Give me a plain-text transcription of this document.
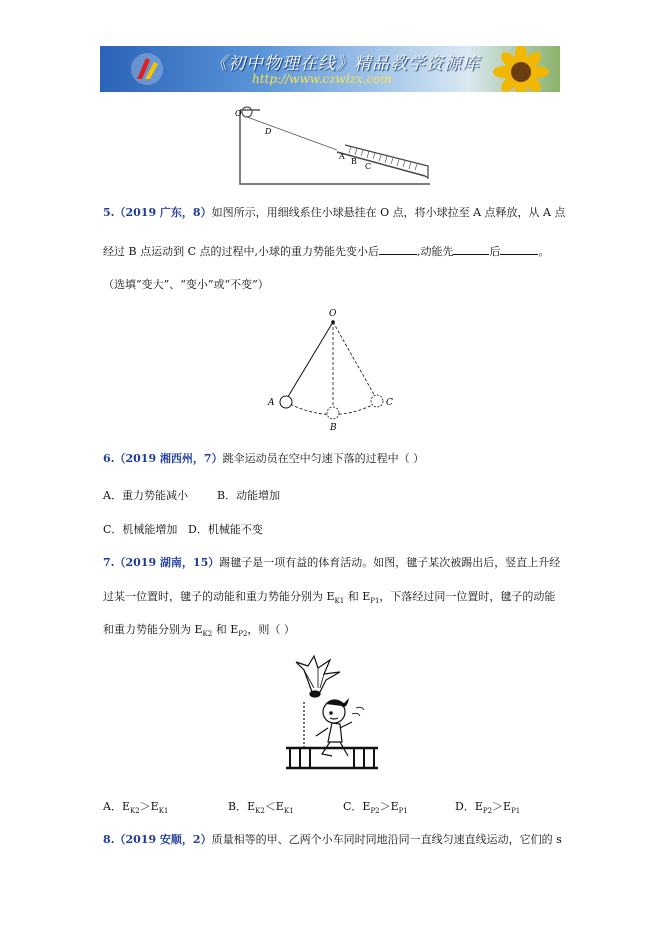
《初中物理在线》精品教学资源库
http://www.czwlzx.com
O
D
A
B
C
5.（2019 广东，8）如图所示，用细线系住小球悬挂在 O 点，将小球拉至 A 点释放，从 A 点
经过 B 点运动到 C 点的过程中,小球的重力势能先变小后	,动能先	后	。
（选填“变大”、“变小”或“不变”）
O
A
B
C
6.（2019 湘西州，7）跳伞运动员在空中匀速下落的过程中（ ）
A．重力势能减小	B．动能增加
C．机械能增加 D．机械能不变
7.（2019 湖南，15）踢毽子是一项有益的体育活动。如图，毽子某次被踢出后，竖直上升经
过某一位置时，毽子的动能和重力势能分别为 $E_{K1}$ 和 $E_{P1}$，下落经过同一位置时，毽子的动能
和重力势能分别为 $E_{K2}$ 和 $E_{P2}$，则（ ）
A．$E_{K2}>E_{K1}$	B．$E_{K2}<E_{K1}$	C．$E_{P2}>E_{P1}$	D．$E_{P2}>E_{P1}$
8.（2019 安顺，2）质量相等的甲、乙两个小车同时同地沿同一直线匀速直线运动，它们的 s
